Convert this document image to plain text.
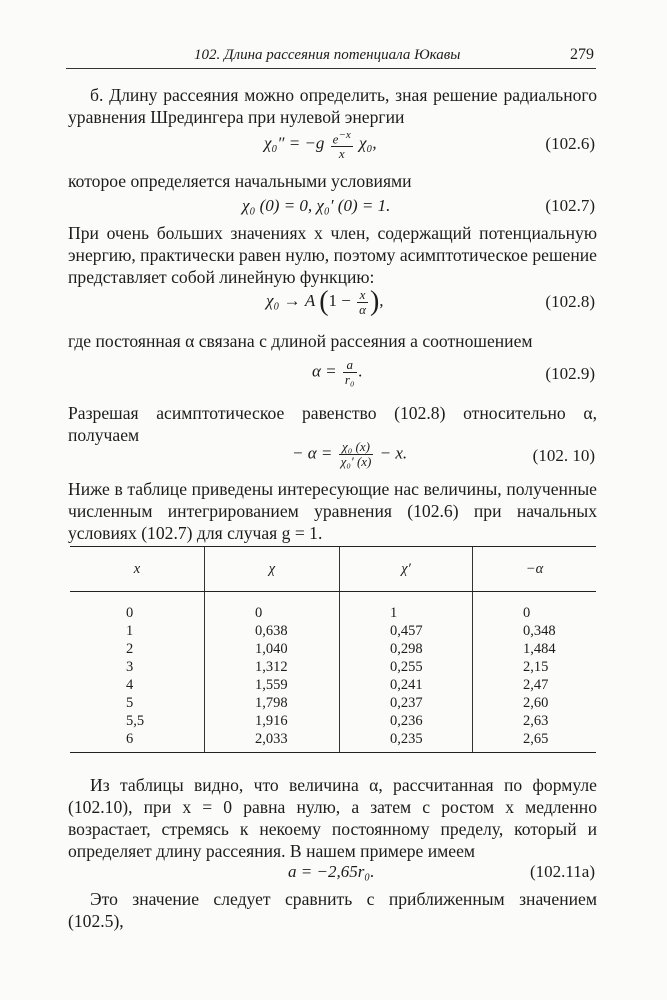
102. Длина рассеяния потенциала Юкавы	279

б. Длину рассеяния можно определить, зная решение радиального уравнения Шредингера при нулевой энергии

$\chi_0'' = -g \frac{e^{-x}}{x} \chi_0$,	(102.6)

которое определяется начальными условиями

χ₀ (0) = 0, χ₀′ (0) = 1.	(102.7)

При очень больших значениях x член, содержащий потенциальную энергию, практически равен нулю, поэтому асимптотическое решение представляет собой линейную функцию:

χ₀ → A ($1 - \frac{x}{\alpha}$ ),	(102.8)

где постоянная α связана с длиной рассеяния a соотношением

$\alpha = \frac{a}{\text{r₀}}$ .	(102.9)

Разрешая асимптотическое равенство (102.8) относительно α, получаем

− $\alpha = \frac{\text{χ₀ (x)}}{\text{χ₀′ (x)}} - x$.	(102. 10)

Ниже в таблице приведены интересующие нас величины, полученные численным интегрированием уравнения (102.6) при начальных условиях (102.7) для случая g = 1.

x	χ	χ′	−α

0	0	1	0
1	0,638	0,457	0,348
2	1,040	0,298	1,484
3	1,312	0,255	2,15
4	1,559	0,241	2,47
5	1,798	0,237	2,60
5,5	1,916	0,236	2,63
6	2,033	0,235	2,65

Из таблицы видно, что величина α, рассчитанная по формуле (102.10), при x = 0 равна нулю, а затем с ростом x медленно возрастает, стремясь к некоему постоянному пределу, который и определяет длину рассеяния. В нашем примере имеем

a = −2,65r₀.	(102.11a)

Это значение следует сравнить с приближенным значением (102.5),
